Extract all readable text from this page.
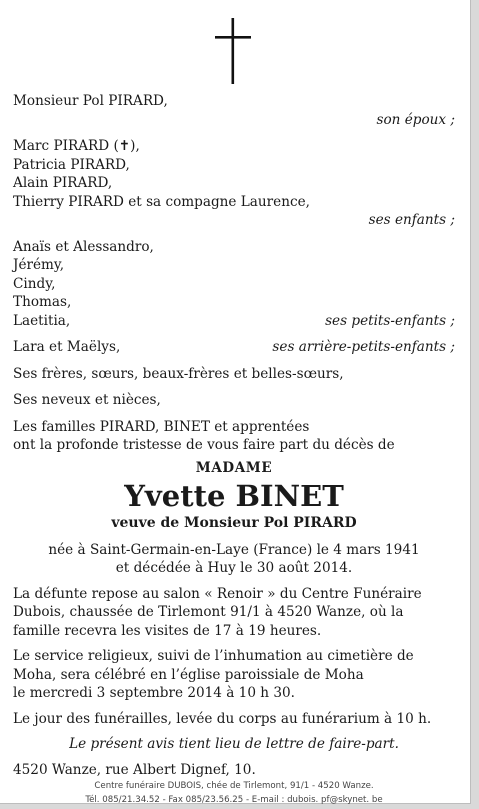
Monsieur Pol PIRARD,
son époux ;
Marc PIRARD (✝),
Patricia PIRARD,
Alain PIRARD,
Thierry PIRARD et sa compagne Laurence,
ses enfants ;
Anaïs et Alessandro,
Jérémy,
Cindy,
Thomas,
Laetitia,	ses petits-enfants ;
Lara et Maëlys,	ses arrière-petits-enfants ;
Ses frères, sœurs, beaux-frères et belles-sœurs,
Ses neveux et nièces,
Les familles PIRARD, BINET et apprentées
ont la profonde tristesse de vous faire part du décès de
MADAME
Yvette BINET
veuve de Monsieur Pol PIRARD
née à Saint-Germain-en-Laye (France) le 4 mars 1941
et décédée à Huy le 30 août 2014.
La défunte repose au salon « Renoir » du Centre Funéraire
Dubois, chaussée de Tirlemont 91/1 à 4520 Wanze, où la
famille recevra les visites de 17 à 19 heures.
Le service religieux, suivi de l’inhumation au cimetière de
Moha, sera célébré en l’église paroissiale de Moha
le mercredi 3 septembre 2014 à 10 h 30.
Le jour des funérailles, levée du corps au funérarium à 10 h.
Le présent avis tient lieu de lettre de faire-part.
4520 Wanze, rue Albert Dignef, 10.
Centre funéraire DUBOIS, chée de Tirlemont, 91/1 - 4520 Wanze.
Tél. 085/21.34.52 - Fax 085/23.56.25 - E-mail : dubois. pf@skynet. be
